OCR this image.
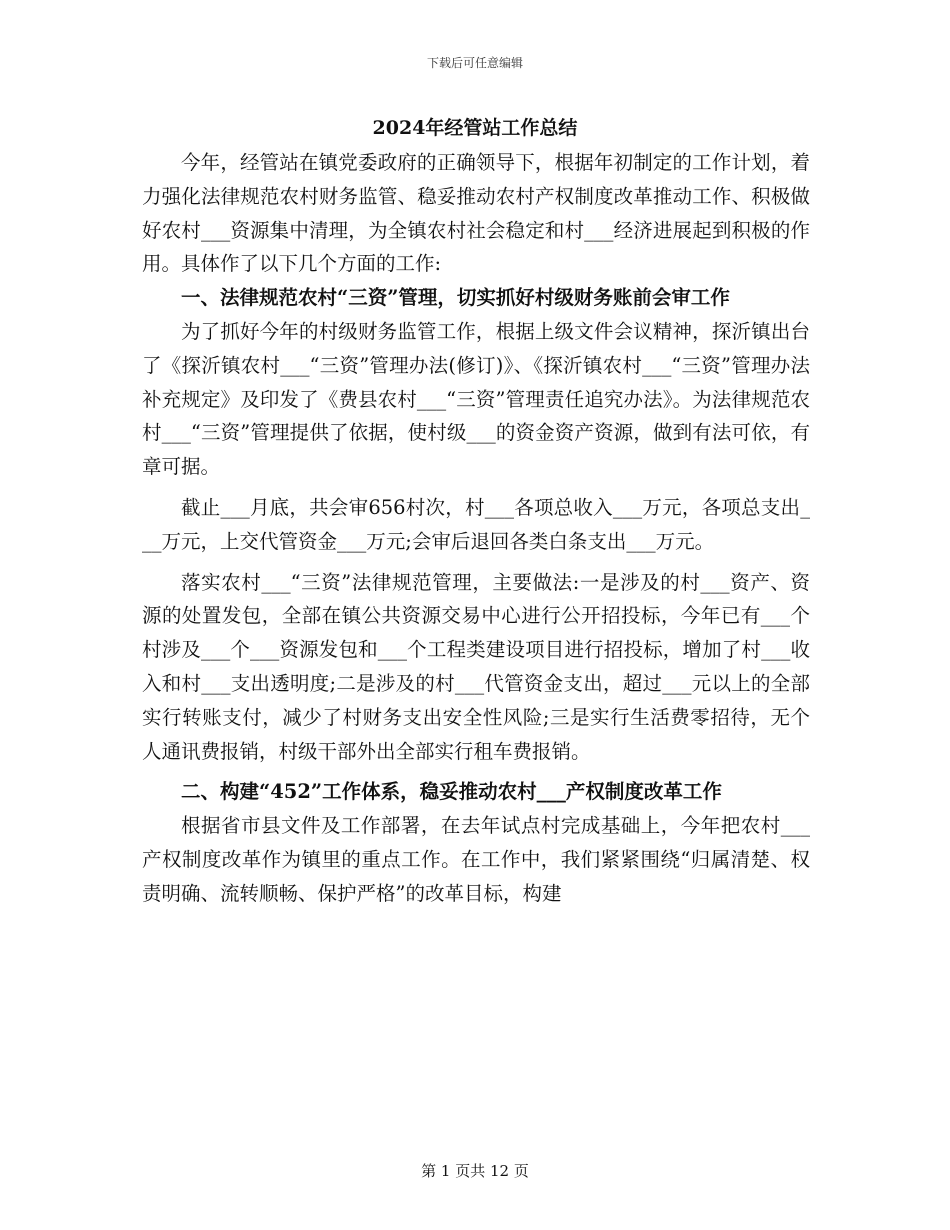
下载后可任意编辑
2024年经管站工作总结

今年，经管站在镇党委政府的正确领导下，根据年初制定的工作计划，着力强化法律规范农村财务监管、稳妥推动农村产权制度改革推动工作、积极做好农村___资源集中清理，为全镇农村社会稳定和村___经济进展起到积极的作用。具体作了以下几个方面的工作:

一、法律规范农村“三资”管理，切实抓好村级财务账前会审工作

为了抓好今年的村级财务监管工作，根据上级文件会议精神，探沂镇出台了《探沂镇农村___“三资”管理办法(修订)》、《探沂镇农村___“三资”管理办法补充规定》及印发了《费县农村___“三资”管理责任追究办法》。为法律规范农村___“三资”管理提供了依据，使村级___的资金资产资源，做到有法可依，有章可据。

截止___月底，共会审656村次，村___各项总收入___万元，各项总支出___万元，上交代管资金___万元;会审后退回各类白条支出___万元。

落实农村___“三资”法律规范管理，主要做法:一是涉及的村___资产、资源的处置发包，全部在镇公共资源交易中心进行公开招投标，今年已有___个村涉及___个___资源发包和___个工程类建设项目进行招投标，增加了村___收入和村___支出透明度;二是涉及的村___代管资金支出，超过___元以上的全部实行转账支付，减少了村财务支出安全性风险;三是实行生活费零招待，无个人通讯费报销，村级干部外出全部实行租车费报销。

二、构建“452”工作体系，稳妥推动农村___产权制度改革工作

根据省市县文件及工作部署，在去年试点村完成基础上，今年把农村___产权制度改革作为镇里的重点工作。在工作中，我们紧紧围绕“归属清楚、权责明确、流转顺畅、保护严格”的改革目标，构建

第 1 页共 12 页
